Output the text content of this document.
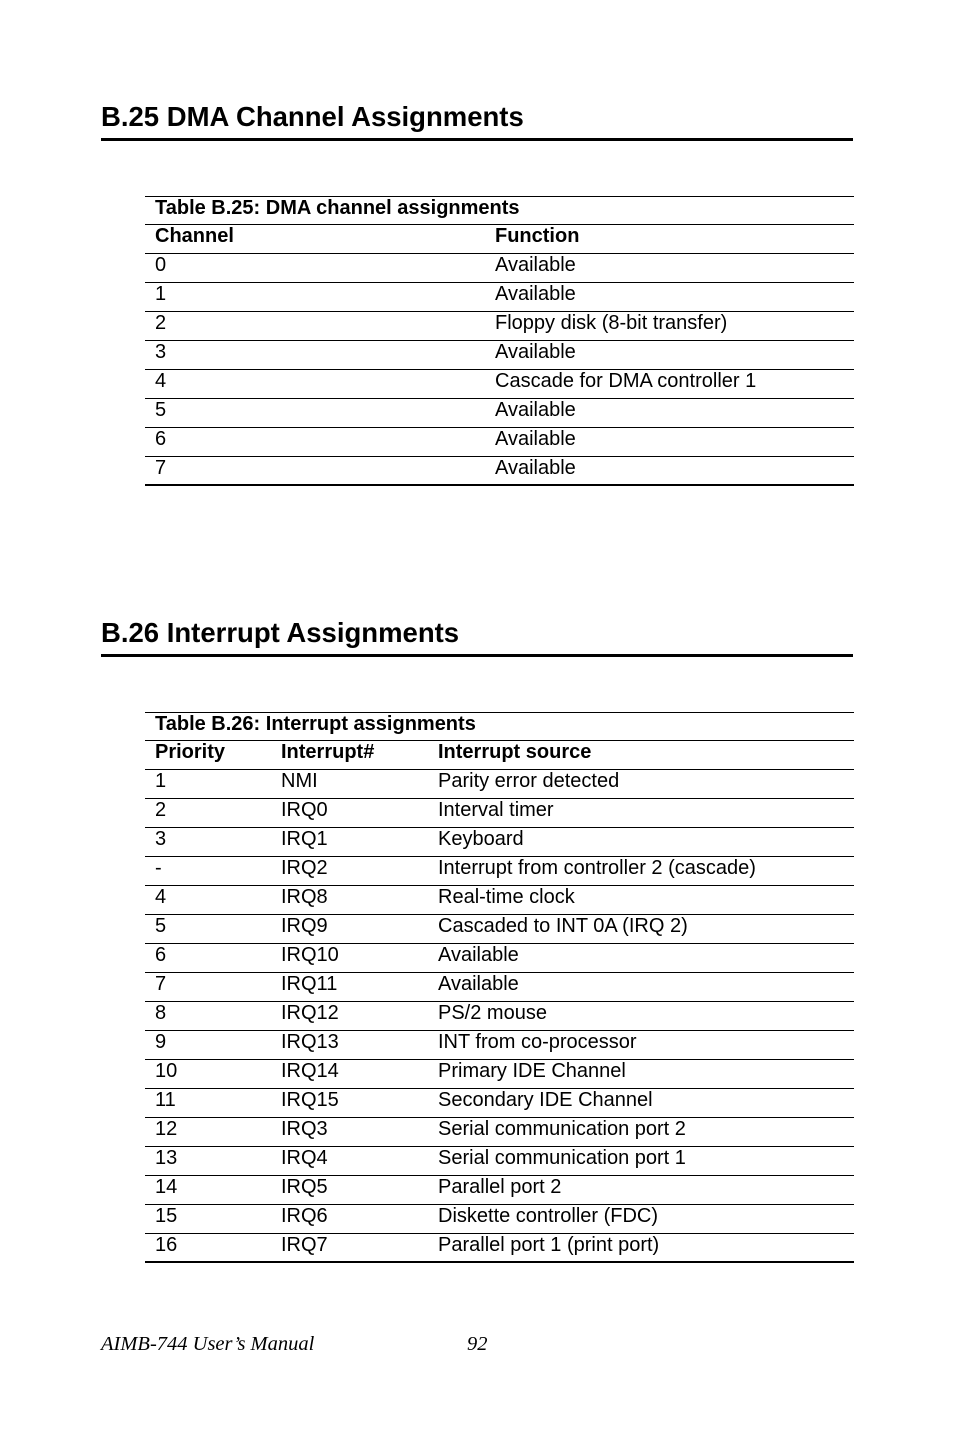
B.25 DMA Channel Assignments
Table B.25: DMA channel assignments
Channel	Function
0	Available
1	Available
2	Floppy disk (8-bit transfer)
3	Available
4	Cascade for DMA controller 1
5	Available
6	Available
7	Available
B.26 Interrupt Assignments
Table B.26: Interrupt assignments
Priority	Interrupt#	Interrupt source
1	NMI	Parity error detected
2	IRQ0	Interval timer
3	IRQ1	Keyboard
-	IRQ2	Interrupt from controller 2 (cascade)
4	IRQ8	Real-time clock
5	IRQ9	Cascaded to INT 0A (IRQ 2)
6	IRQ10	Available
7	IRQ11	Available
8	IRQ12	PS/2 mouse
9	IRQ13	INT from co-processor
10	IRQ14	Primary IDE Channel
11	IRQ15	Secondary IDE Channel
12	IRQ3	Serial communication port 2
13	IRQ4	Serial communication port 1
14	IRQ5	Parallel port 2
15	IRQ6	Diskette controller (FDC)
16	IRQ7	Parallel port 1 (print port)
AIMB-744 User’s Manual	92
